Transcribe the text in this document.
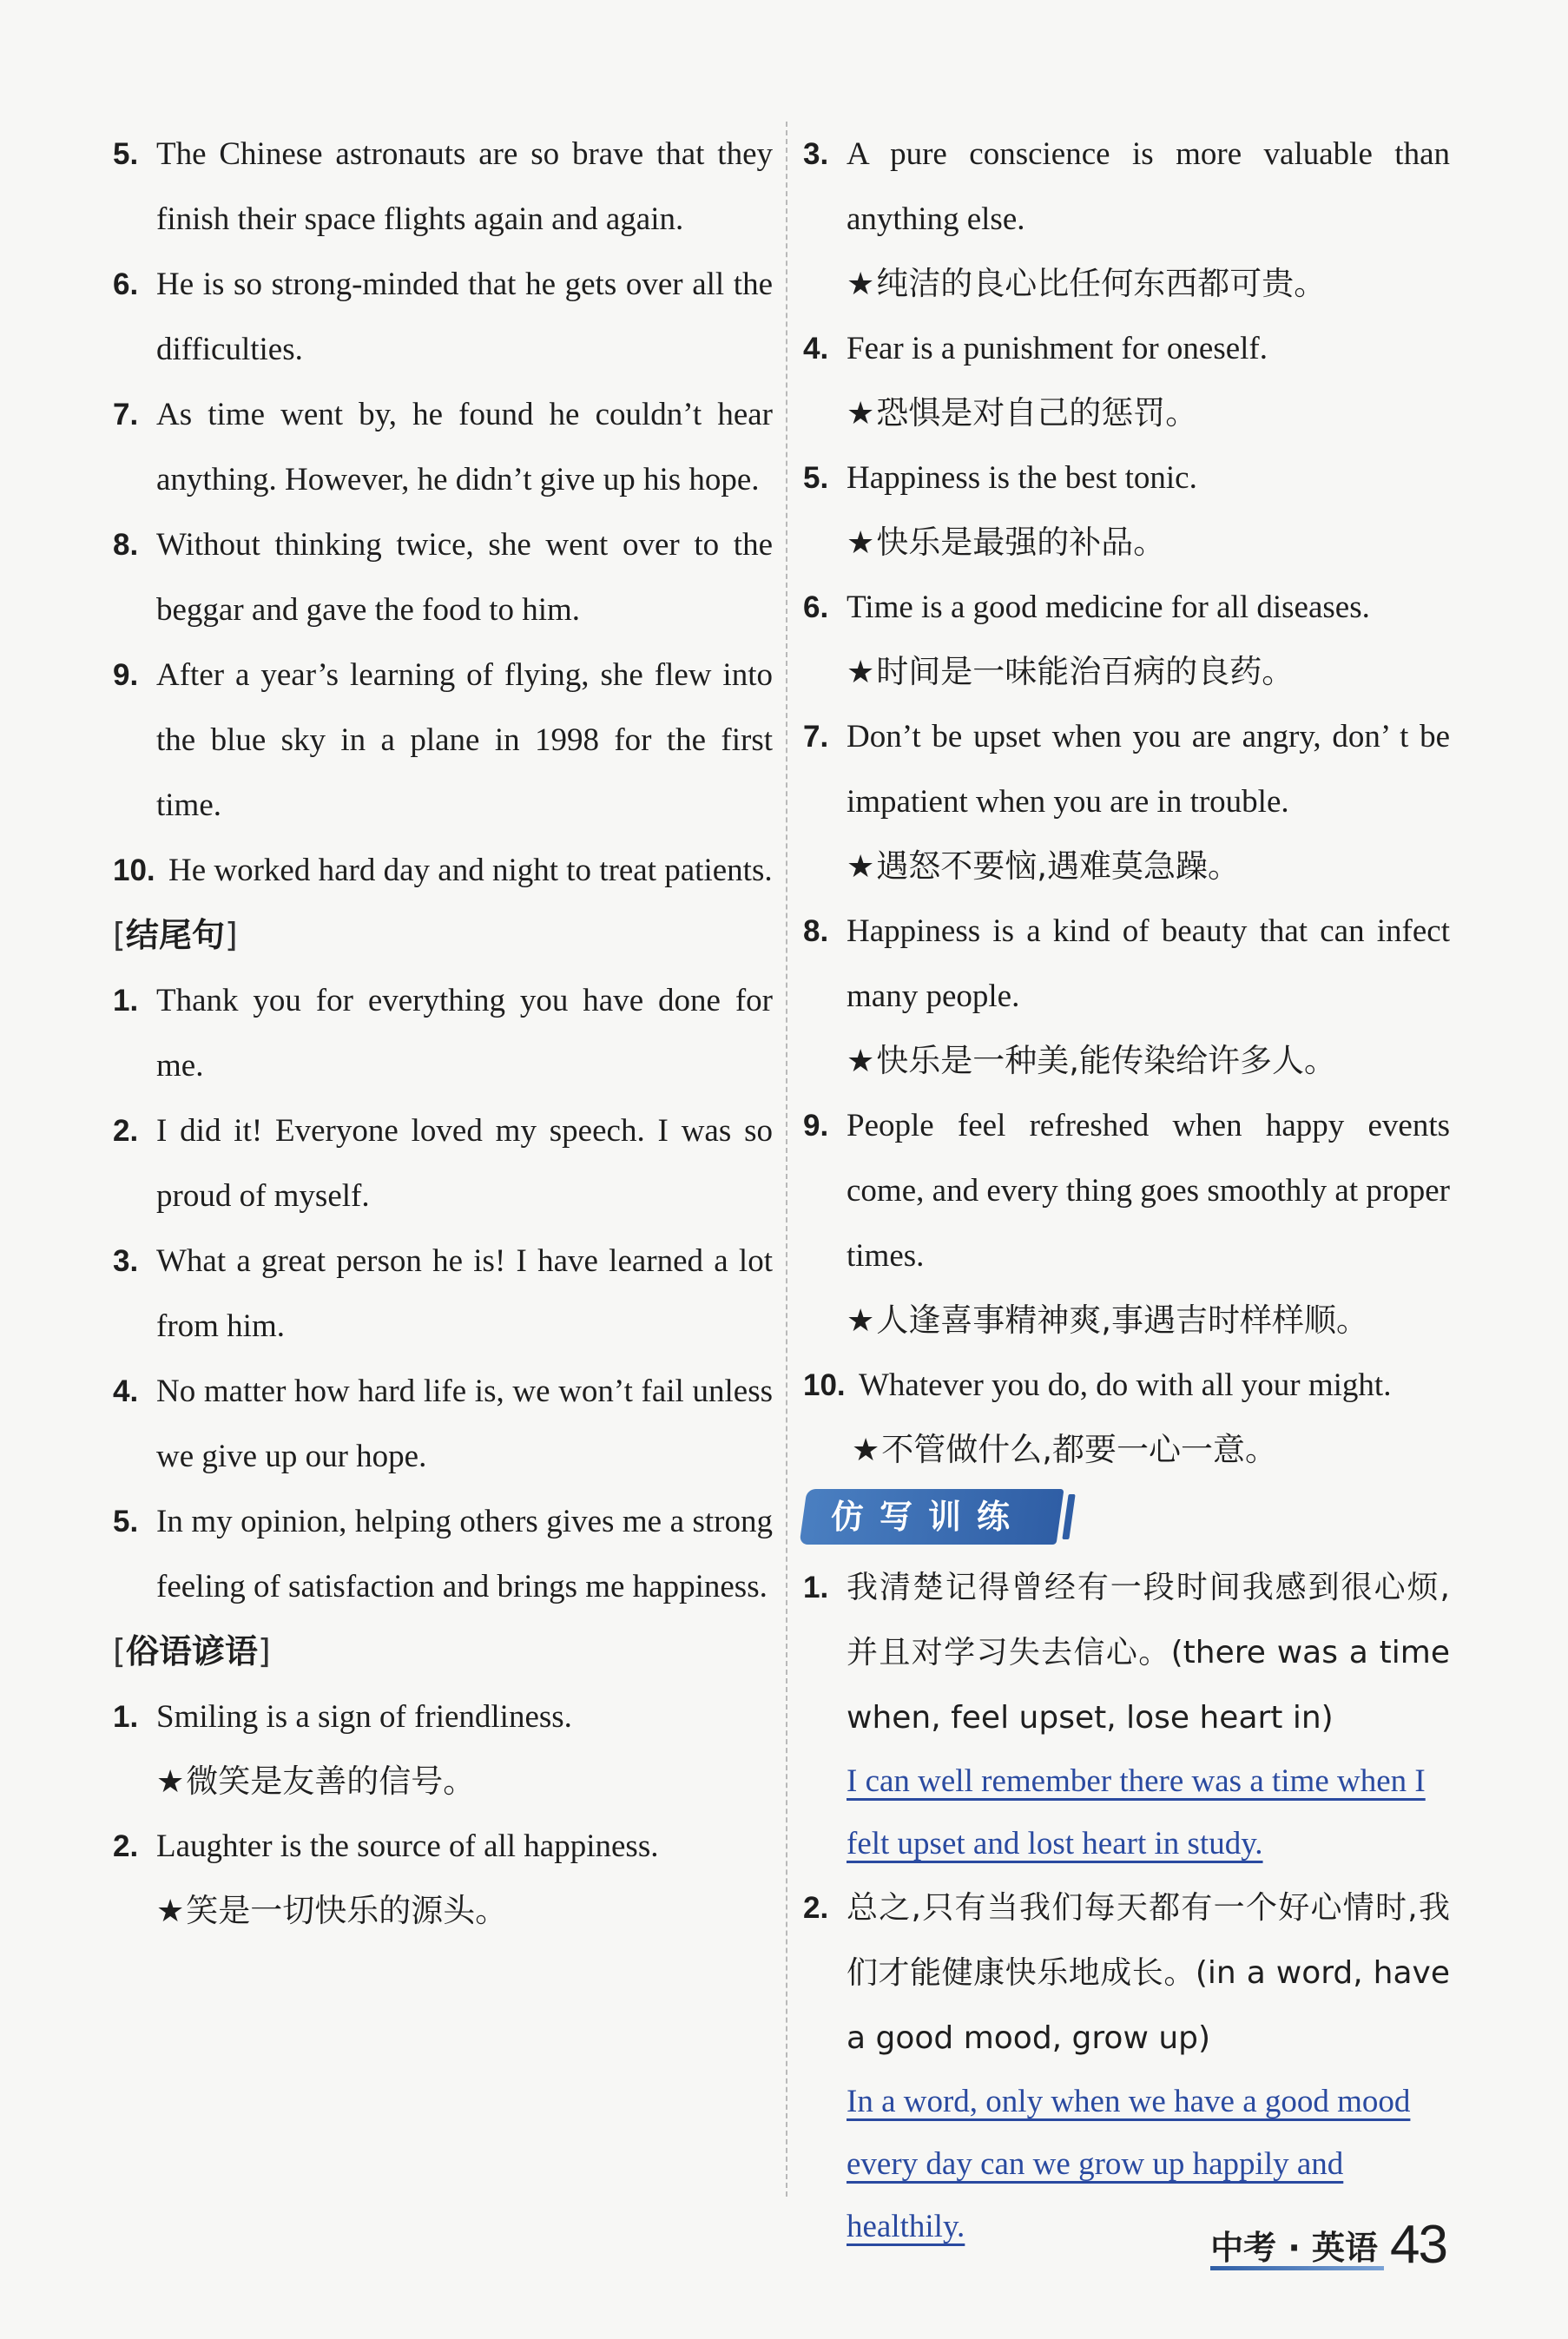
5. The Chinese astronauts are so brave that they finish their space flights again and again.
6. He is so strong-minded that he gets over all the difficulties.
7. As time went by, he found he couldn’t hear anything. However, he didn’t give up his hope.
8. Without thinking twice, she went over to the beggar and gave the food to him.
9. After a year’s learning of flying, she flew into the blue sky in a plane in 1998 for the first time.
10. He worked hard day and night to treat patients.
[结尾句]
1. Thank you for everything you have done for me.
2. I did it! Everyone loved my speech. I was so proud of myself.
3. What a great person he is! I have learned a lot from him.
4. No matter how hard life is, we won’t fail unless we give up our hope.
5. In my opinion, helping others gives me a strong feeling of satisfaction and brings me happiness.
[俗语谚语]
1. Smiling is a sign of friendliness.
★微笑是友善的信号。
2. Laughter is the source of all happiness.
★笑是一切快乐的源头。
3. A pure conscience is more valuable than anything else.
★纯洁的良心比任何东西都可贵。
4. Fear is a punishment for oneself.
★恐惧是对自己的惩罚。
5. Happiness is the best tonic.
★快乐是最强的补品。
6. Time is a good medicine for all diseases.
★时间是一味能治百病的良药。
7. Don’t be upset when you are angry, don’ t be impatient when you are in trouble.
★遇怒不要恼,遇难莫急躁。
8. Happiness is a kind of beauty that can infect many people.
★快乐是一种美,能传染给许多人。
9. People feel refreshed when happy events come, and every thing goes smoothly at proper times.
★人逢喜事精神爽,事遇吉时样样顺。
10. Whatever you do, do with all your might.
★不管做什么,都要一心一意。
仿写训练
1. 我清楚记得曾经有一段时间我感到很心烦,并且对学习失去信心。(there was a time when, feel upset, lose heart in)
I can well remember there was a time when I felt upset and lost heart in study.
2. 总之,只有当我们每天都有一个好心情时,我们才能健康快乐地成长。(in a word, have a good mood, grow up)
In a word, only when we have a good mood every day can we grow up happily and healthily.
中考 · 英语 43
